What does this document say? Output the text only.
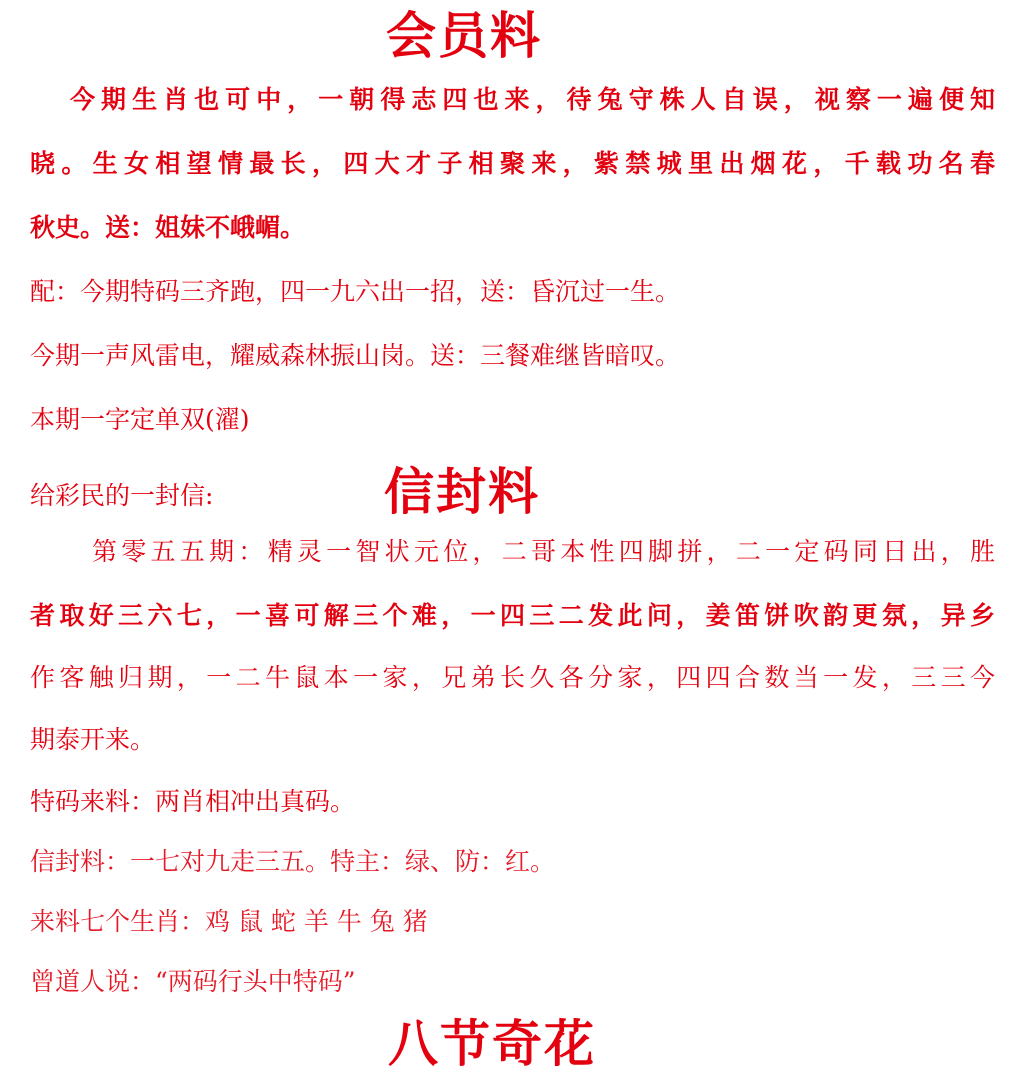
会员料
今期生肖也可中，一朝得志四也来，待兔守株人自误，视察一遍便知
晓。生女相望情最长，四大才子相聚来，紫禁城里出烟花，千载功名春
秋史。送：姐妹不峨嵋。
配：今期特码三齐跑，四一九六出一招，送：昏沉过一生。
今期一声风雷电，耀威森林振山岗。送：三餐难继皆暗叹。
本期一字定单双(濯)
给彩民的一封信:	信封料
第零五五期：精灵一智状元位，二哥本性四脚拼，二一定码同日出，胜
者取好三六七，一喜可解三个难，一四三二发此问，姜笛饼吹韵更氛，异乡
作客触归期，一二牛鼠本一家，兄弟长久各分家，四四合数当一发，三三今
期泰开来。
特码来料：两肖相冲出真码。
信封料：一七对九走三五。特主：绿、防：红。
来料七个生肖：鸡 鼠 蛇 羊 牛 兔 猪
曾道人说：“两码行头中特码”
八节奇花
